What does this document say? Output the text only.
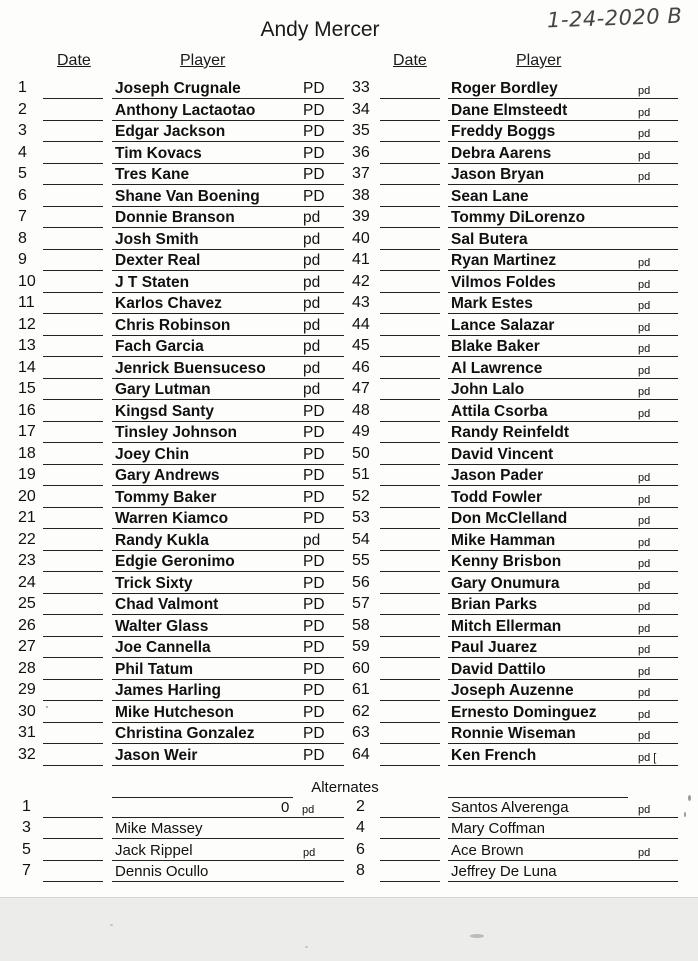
Andy Mercer	1-24-2020 B
Date	Player	Date	Player
1	Joseph Crugnale	PD
2	Anthony Lactaotao	PD
3	Edgar Jackson	PD
4	Tim Kovacs	PD
5	Tres Kane	PD
6	Shane Van Boening	PD
7	Donnie Branson	pd
8	Josh Smith	pd
9	Dexter Real	pd
10	J T Staten	pd
11	Karlos Chavez	pd
12	Chris Robinson	pd
13	Fach Garcia	pd
14	Jenrick Buensuceso pd
15	Gary Lutman	pd
16	Kingsd Santy	PD
17	Tinsley Johnson	PD
18	Joey Chin	PD
19	Gary Andrews	PD
20	Tommy Baker	PD
21	Warren Kiamco	PD
22	Randy Kukla	pd
23	Edgie Geronimo	PD
24	Trick Sixty	PD
25	Chad Valmont	PD
26	Walter Glass	PD
27	Joe Cannella	PD
28	Phil Tatum	PD
29	James Harling	PD
30	Mike Hutcheson	PD
31	Christina Gonzalez	PD
32	Jason Weir	PD
33	Roger Bordley	pd
34	Dane Elmsteedt	pd
35	Freddy Boggs	pd
36	Debra Aarens	pd
37	Jason Bryan	pd
38	Sean Lane
39	Tommy DiLorenzo
40	Sal Butera
41	Ryan Martinez	pd
42	Vilmos Foldes	pd
43	Mark Estes	pd
44	Lance Salazar	pd
45	Blake Baker	pd
46	Al Lawrence	pd
47	John Lalo	pd
48	Attila Csorba	pd
49	Randy Reinfeldt
50	David Vincent
51	Jason Pader	pd
52	Todd Fowler	pd
53	Don McClelland	pd
54	Mike Hamman	pd
55	Kenny Brisbon	pd
56	Gary Onumura	pd
57	Brian Parks	pd
58	Mitch Ellerman	pd
59	Paul Juarez	pd
60	David Dattilo	pd
61	Joseph Auzenne	pd
62	Ernesto Dominguez	pd
63	Ronnie Wiseman	pd
64	Ken French	pd [
Alternates
1	0 pd	2	Santos Alverenga	pd
3	Mike Massey	4	Mary Coffman
5	Jack Rippel	pd	6	Ace Brown	pd
7	Dennis Ocullo	8	Jeffrey De Luna
